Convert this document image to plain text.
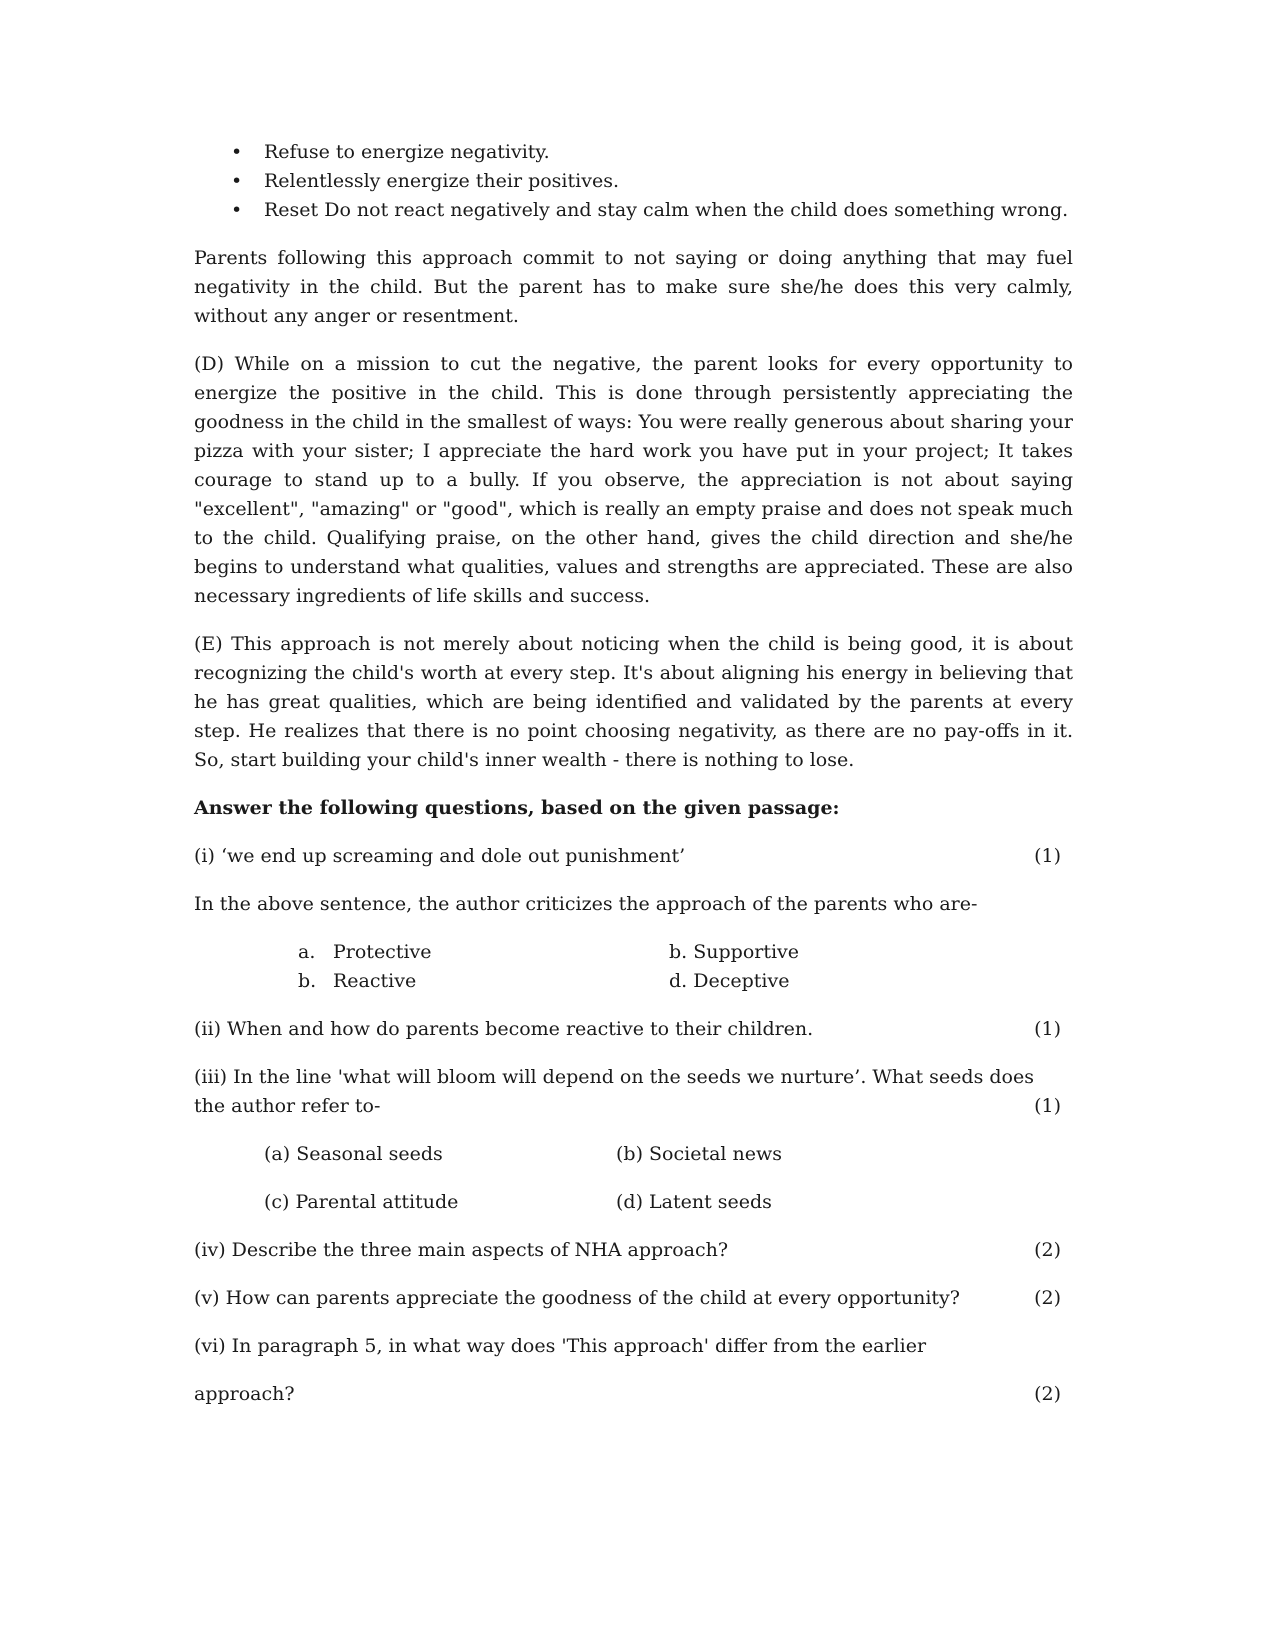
• Refuse to energize negativity.
• Relentlessly energize their positives.
• Reset Do not react negatively and stay calm when the child does something wrong.

Parents following this approach commit to not saying or doing anything that may fuel negativity in the child. But the parent has to make sure she/he does this very calmly, without any anger or resentment.

(D) While on a mission to cut the negative, the parent looks for every opportunity to energize the positive in the child. This is done through persistently appreciating the goodness in the child in the smallest of ways: You were really generous about sharing your pizza with your sister; I appreciate the hard work you have put in your project; It takes courage to stand up to a bully. If you observe, the appreciation is not about saying "excellent", "amazing" or "good", which is really an empty praise and does not speak much to the child. Qualifying praise, on the other hand, gives the child direction and she/he begins to understand what qualities, values and strengths are appreciated. These are also necessary ingredients of life skills and success.

(E) This approach is not merely about noticing when the child is being good, it is about recognizing the child's worth at every step. It's about aligning his energy in believing that he has great qualities, which are being identified and validated by the parents at every step. He realizes that there is no point choosing negativity, as there are no pay-offs in it. So, start building your child's inner wealth - there is nothing to lose.

Answer the following questions, based on the given passage:

(i) ‘we end up screaming and dole out punishment’	(1)

In the above sentence, the author criticizes the approach of the parents who are-

a. Protective	b. Supportive
b. Reactive	d. Deceptive
(ii) When and how do parents become reactive to their children.	(1)
(iii) In the line 'what will bloom will depend on the seeds we nurture’. What seeds does
the author refer to-	(1)
(a) Seasonal seeds	(b) Societal news
(c) Parental attitude	(d) Latent seeds
(iv) Describe the three main aspects of NHA approach?	(2)
(v) How can parents appreciate the goodness of the child at every opportunity?	(2)
(vi) In paragraph 5, in what way does 'This approach' differ from the earlier
approach?	(2)
